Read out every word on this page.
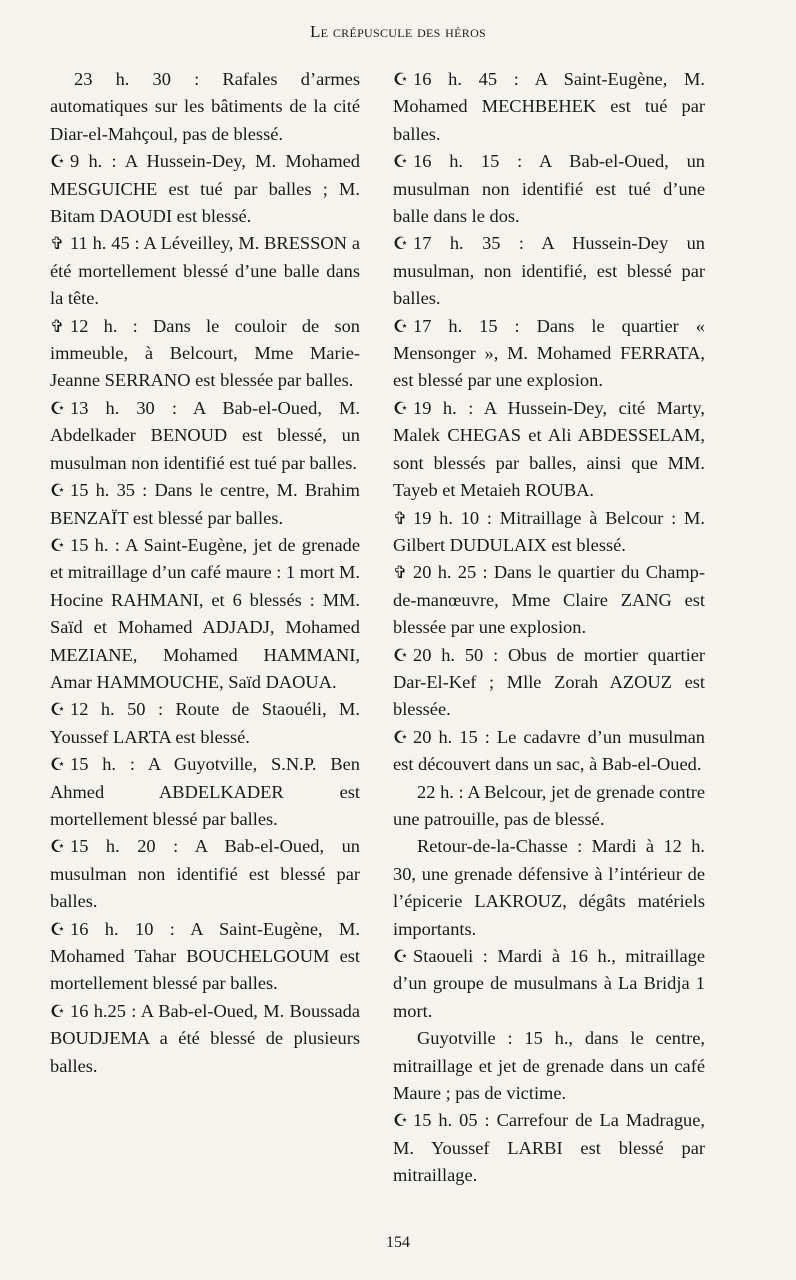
Le crépuscule des héros
23 h. 30 : Rafales d’armes automatiques sur les bâtiments de la cité Diar-el-Mahçoul, pas de blessé.
☪ 9 h. : A Hussein-Dey, M. Mohamed MESGUICHE est tué par balles ; M. Bitam DAOUDI est blessé.
✞ 11 h. 45 : A Léveilley, M. BRESSON a été mortellement blessé d’une balle dans la tête.
✞ 12 h. : Dans le couloir de son immeuble, à Belcourt, Mme Marie-Jeanne SERRANO est blessée par balles.
☪ 13 h. 30 : A Bab-el-Oued, M. Abdelkader BENOUD est blessé, un musulman non identifié est tué par balles.
☪ 15 h. 35 : Dans le centre, M. Brahim BENZAÏT est blessé par balles.
☪ 15 h. : A Saint-Eugène, jet de grenade et mitraillage d’un café maure : 1 mort M. Hocine RAHMANI, et 6 blessés : MM. Saïd et Mohamed ADJADJ, Mohamed MEZIANE, Mohamed HAMMANI, Amar HAMMOUCHE, Saïd DAOUA.
☪ 12 h. 50 : Route de Staouéli, M. Youssef LARTA est blessé.
☪ 15 h. : A Guyotville, S.N.P. Ben Ahmed ABDELKADER est mortellement blessé par balles.
☪ 15 h. 20 : A Bab-el-Oued, un musulman non identifié est blessé par balles.
☪ 16 h. 10 : A Saint-Eugène, M. Mohamed Tahar BOUCHELGOUM est mortellement blessé par balles.
☪ 16 h.25 : A Bab-el-Oued, M. Boussada BOUDJEMA a été blessé de plusieurs balles.
☪ 16 h. 45 : A Saint-Eugène, M. Mohamed MECHBEHEK est tué par balles.
☪ 16 h. 15 : A Bab-el-Oued, un musulman non identifié est tué d’une balle dans le dos.
☪ 17 h. 35 : A Hussein-Dey un musulman, non identifié, est blessé par balles.
☪ 17 h. 15 : Dans le quartier « Mensonger », M. Mohamed FERRATA, est blessé par une explosion.
☪ 19 h. : A Hussein-Dey, cité Marty, Malek CHEGAS et Ali ABDESSELAM, sont blessés par balles, ainsi que MM. Tayeb et Metaieh ROUBA.
✞ 19 h. 10 : Mitraillage à Belcour : M. Gilbert DUDULAIX est blessé.
✞ 20 h. 25 : Dans le quartier du Champ-de-manœuvre, Mme Claire ZANG est blessée par une explosion.
☪ 20 h. 50 : Obus de mortier quartier Dar-El-Kef ; Mlle Zorah AZOUZ est blessée.
☪ 20 h. 15 : Le cadavre d’un musulman est découvert dans un sac, à Bab-el-Oued.
22 h. : A Belcour, jet de grenade contre une patrouille, pas de blessé.
Retour-de-la-Chasse : Mardi à 12 h. 30, une grenade défensive à l’intérieur de l’épicerie LAKROUZ, dégâts matériels importants.
☪ Staoueli : Mardi à 16 h., mitraillage d’un groupe de musulmans à La Bridja 1 mort.
Guyotville : 15 h., dans le centre, mitraillage et jet de grenade dans un café Maure ; pas de victime.
☪ 15 h. 05 : Carrefour de La Madrague, M. Youssef LARBI est blessé par mitraillage.
154
